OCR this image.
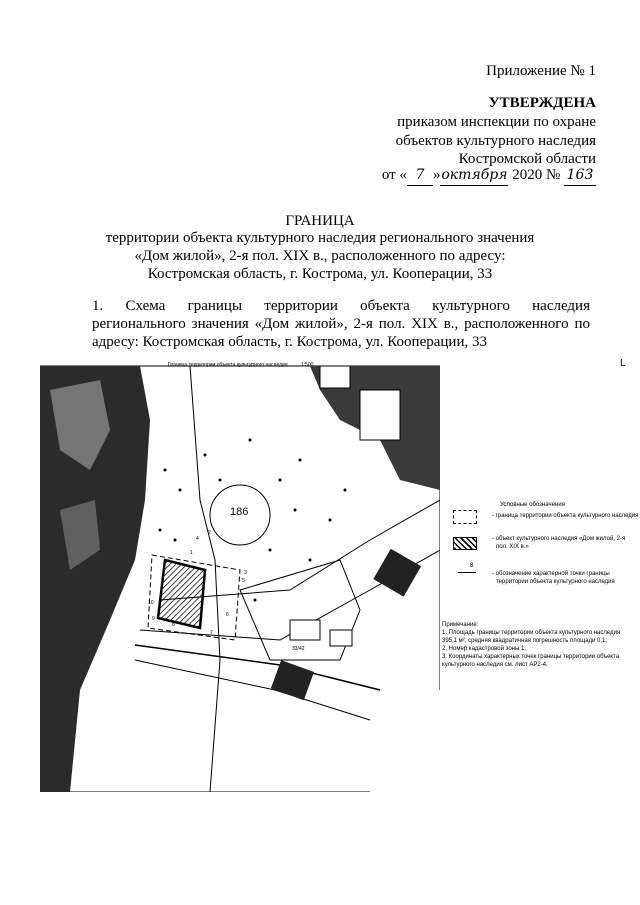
Приложение № 1
УТВЕРЖДЕНА
приказом инспекции по охране
объектов культурного наследия
Костромской области
от « 7 »октября 2020 № 163
ГРАНИЦА
территории объекта культурного наследия регионального значения
«Дом жилой», 2-я пол. XIX в., расположенного по адресу:
Костромская область, г. Кострома, ул. Кооперации, 33
1. Схема границы территории объекта культурного наследия
регионального значения «Дом жилой», 2-я пол. XIX в., расположенного по
адресу: Костромская область, г. Кострома, ул. Кооперации, 33
L
Граница территории объекта культурного наследия	1:500
186
33/42
1
2
3
4
5
6
7
8
9
10
Условные обозначения
- граница территории объекта культурного наследия
- объект культурного наследия «Дом жилой, 2-я
пол. XIX в.»
8
- обозначение характерной точки границы
территории объекта культурного наследия
Примечание:
1. Площадь границы территории объекта культурного наследия
395,1 м², средняя квадратичная погрешность площади 0,1;
2. Номер кадастровой зоны 1;
3. Координаты характерных точек границы территории объекта
культурного наследия см. лист АР2-4.
